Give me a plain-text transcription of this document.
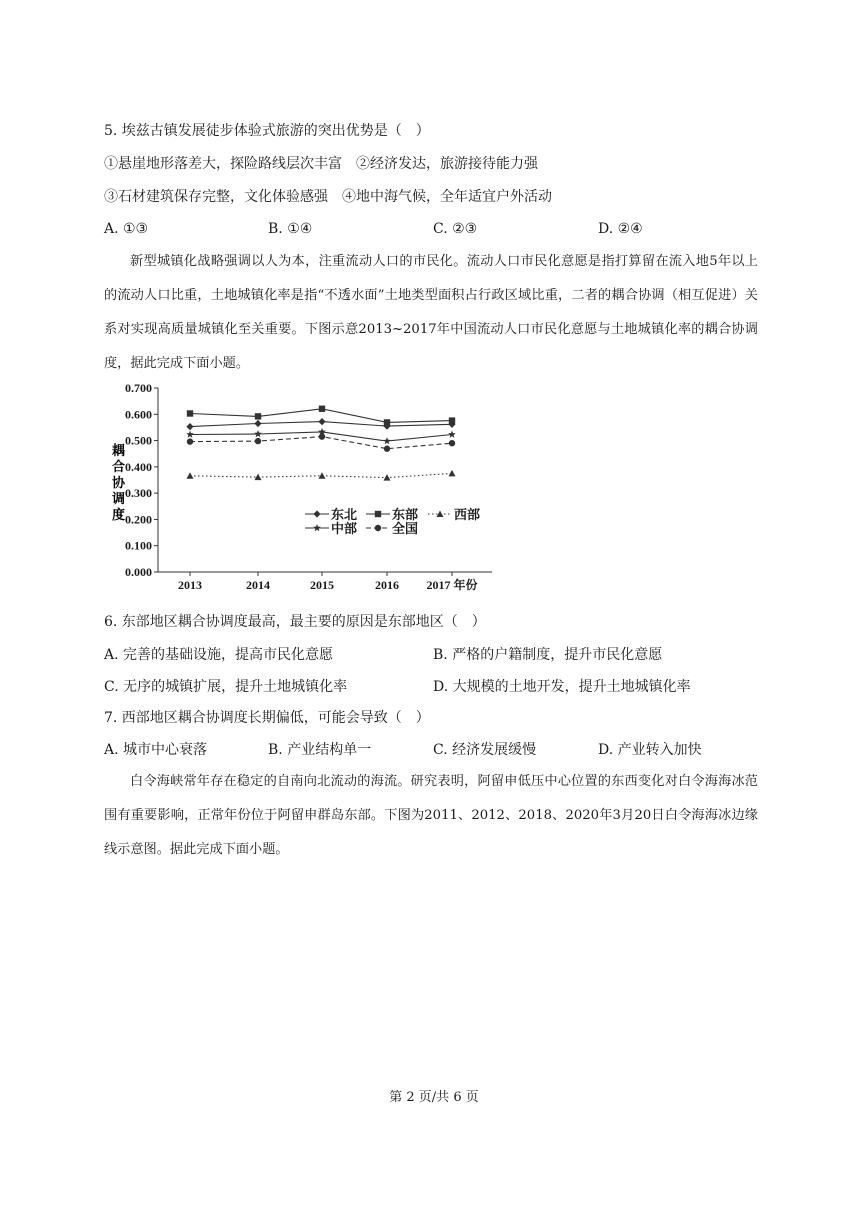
5. 埃兹古镇发展徒步体验式旅游的突出优势是（　）
①悬崖地形落差大，探险路线层次丰富　②经济发达，旅游接待能力强
③石材建筑保存完整，文化体验感强　④地中海气候，全年适宜户外活动
A. ①③	B. ①④	C. ②③	D. ②④
新型城镇化战略强调以人为本，注重流动人口的市民化。流动人口市民化意愿是指打算留在流入地5年以上的流动人口比重，土地城镇化率是指“不透水面”土地类型面积占行政区域比重，二者的耦合协调（相互促进）关系对实现高质量城镇化至关重要。下图示意2013~2017年中国流动人口市民化意愿与土地城镇化率的耦合协调度，据此完成下面小题。
0.700
0.600
0.500
0.400
0.300
0.200
0.100
0.000
2013	2014	2015	2016 2017 年份
东北	东部	西部
中部	全国
耦合协调度
6. 东部地区耦合协调度最高，最主要的原因是东部地区（　）
A. 完善的基础设施，提高市民化意愿	B. 严格的户籍制度，提升市民化意愿
C. 无序的城镇扩展，提升土地城镇化率	D. 大规模的土地开发，提升土地城镇化率
7. 西部地区耦合协调度长期偏低，可能会导致（　）
A. 城市中心衰落	B. 产业结构单一	C. 经济发展缓慢	D. 产业转入加快
白令海峡常年存在稳定的自南向北流动的海流。研究表明，阿留申低压中心位置的东西变化对白令海海冰范围有重要影响，正常年份位于阿留申群岛东部。下图为2011、2012、2018、2020年3月20日白令海海冰边缘线示意图。据此完成下面小题。
第 2 页/共 6 页
